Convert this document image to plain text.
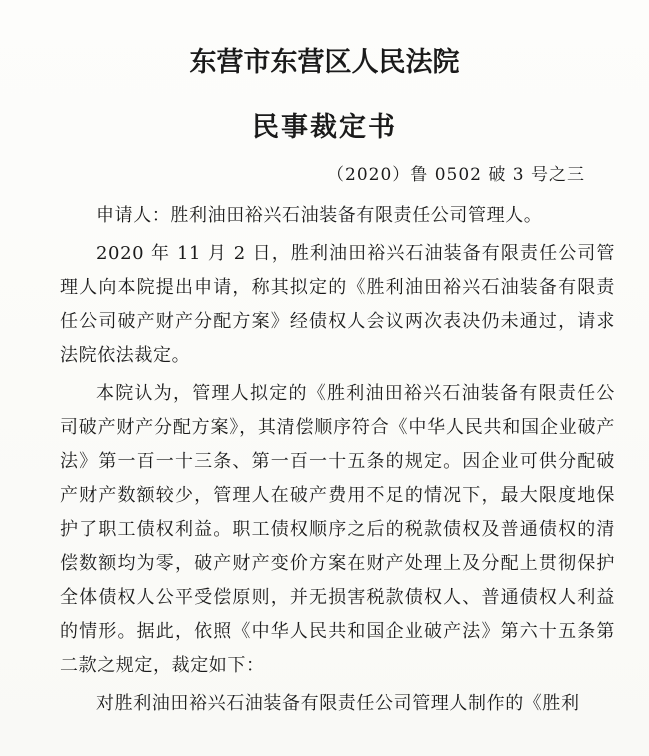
东营市东营区人民法院
民事裁定书
（2020）鲁 0502 破 3 号之三

申请人：胜利油田裕兴石油装备有限责任公司管理人。

2020 年 11 月 2 日，胜利油田裕兴石油装备有限责任公司管理人向本院提出申请，称其拟定的《胜利油田裕兴石油装备有限责任公司破产财产分配方案》经债权人会议两次表决仍未通过，请求法院依法裁定。

本院认为，管理人拟定的《胜利油田裕兴石油装备有限责任公司破产财产分配方案》，其清偿顺序符合《中华人民共和国企业破产法》第一百一十三条、第一百一十五条的规定。因企业可供分配破产财产数额较少，管理人在破产费用不足的情况下，最大限度地保护了职工债权利益。职工债权顺序之后的税款债权及普通债权的清偿数额均为零，破产财产变价方案在财产处理上及分配上贯彻保护全体债权人公平受偿原则，并无损害税款债权人、普通债权人利益的情形。据此，依照《中华人民共和国企业破产法》第六十五条第二款之规定，裁定如下：

对胜利油田裕兴石油装备有限责任公司管理人制作的《胜利
